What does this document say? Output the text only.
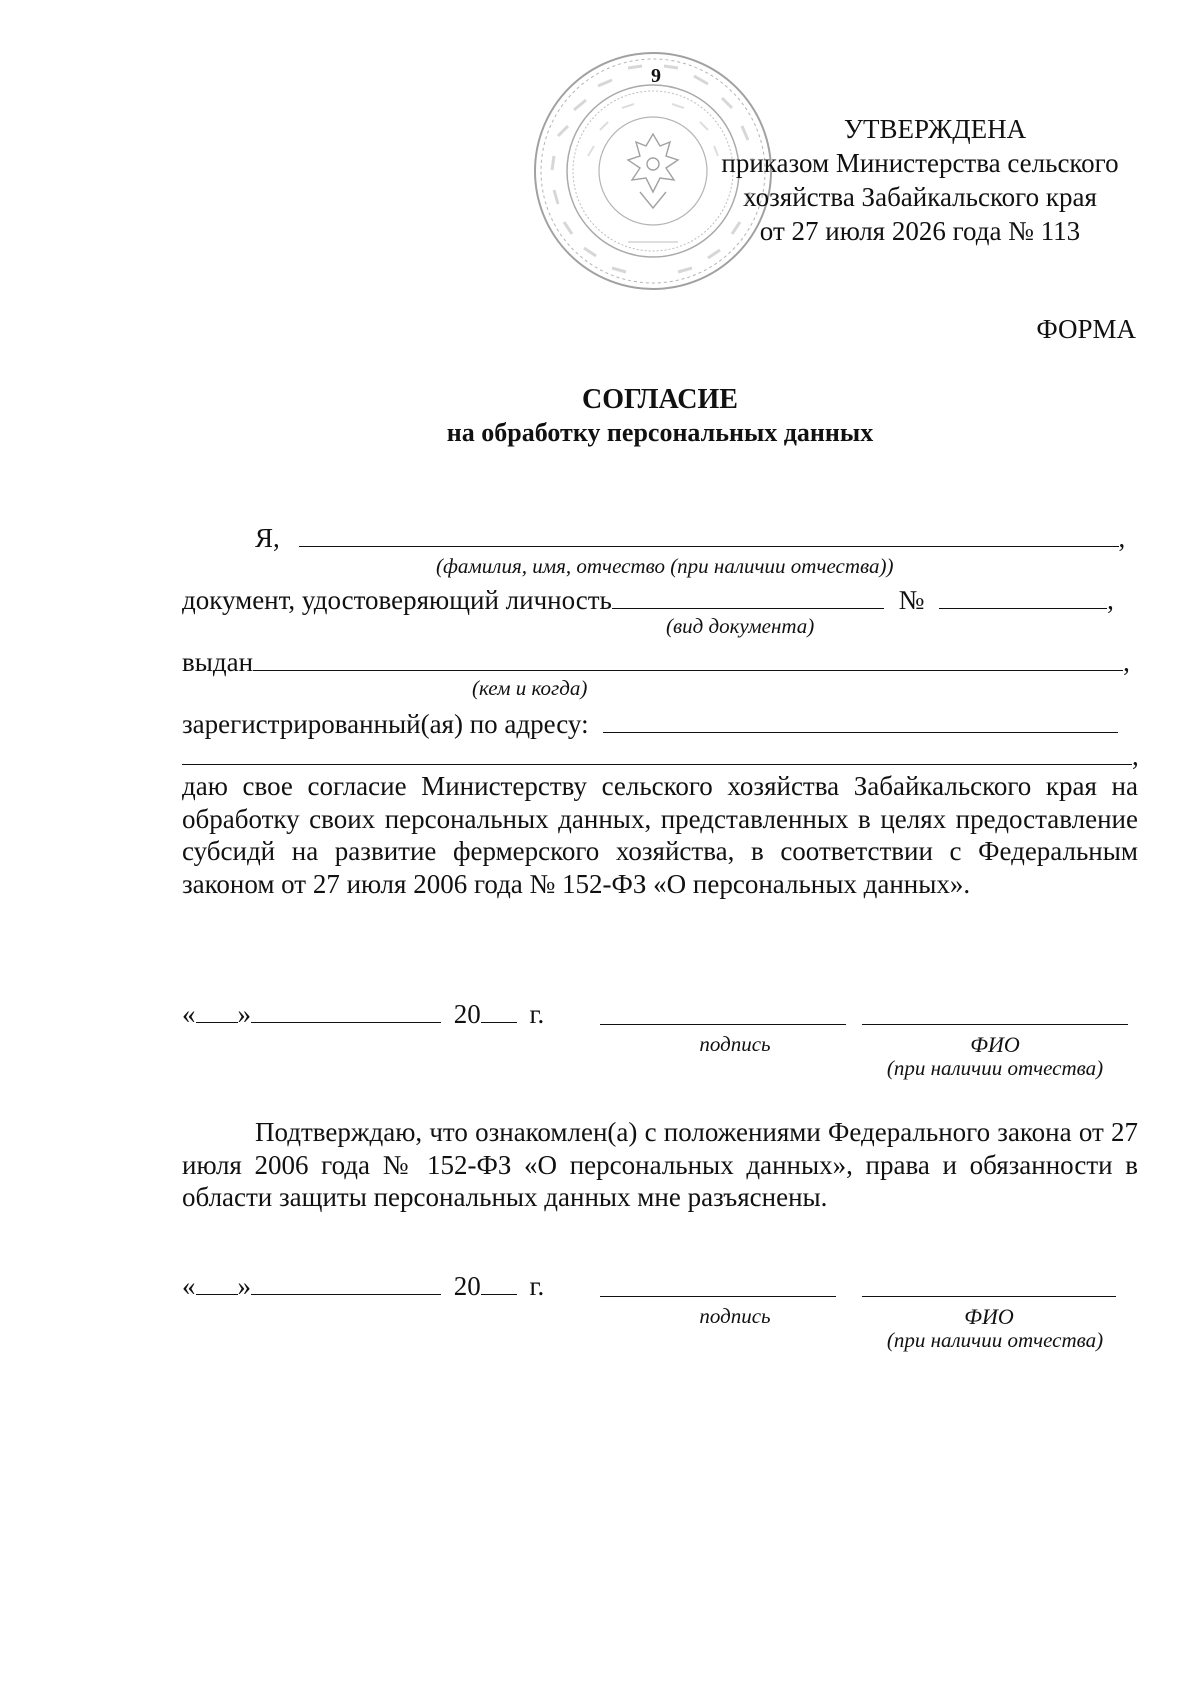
9
УТВЕРЖДЕНА
приказом Министерства сельского
хозяйства Забайкальского края
от 27 июля 2026 года № 113
ФОРМА
СОГЛАСИЕ
на обработку персональных данных
Я,	,
(фамилия, имя, отчество (при наличии отчества))
документ, удостоверяющий личность	№	,
(вид документа)
выдан	,
(кем и когда)
зарегистрированный(ая) по адресу:
,
даю свое согласие Министерству сельского хозяйства Забайкальского края на обработку своих персональных данных, представленных в целях предоставление субсидй на развитие фермерского хозяйства, в соответствии с Федеральным законом от 27 июля 2006 года № 152-ФЗ «О персональных данных».
« »	20 г.
подпись	ФИО
(при наличии отчества)
Подтверждаю, что ознакомлен(а) с положениями Федерального закона от 27 июля 2006 года № 152-ФЗ «О персональных данных», права и обязанности в области защиты персональных данных мне разъяснены.
« »	20 г.
подпись	ФИО
(при наличии отчества)
